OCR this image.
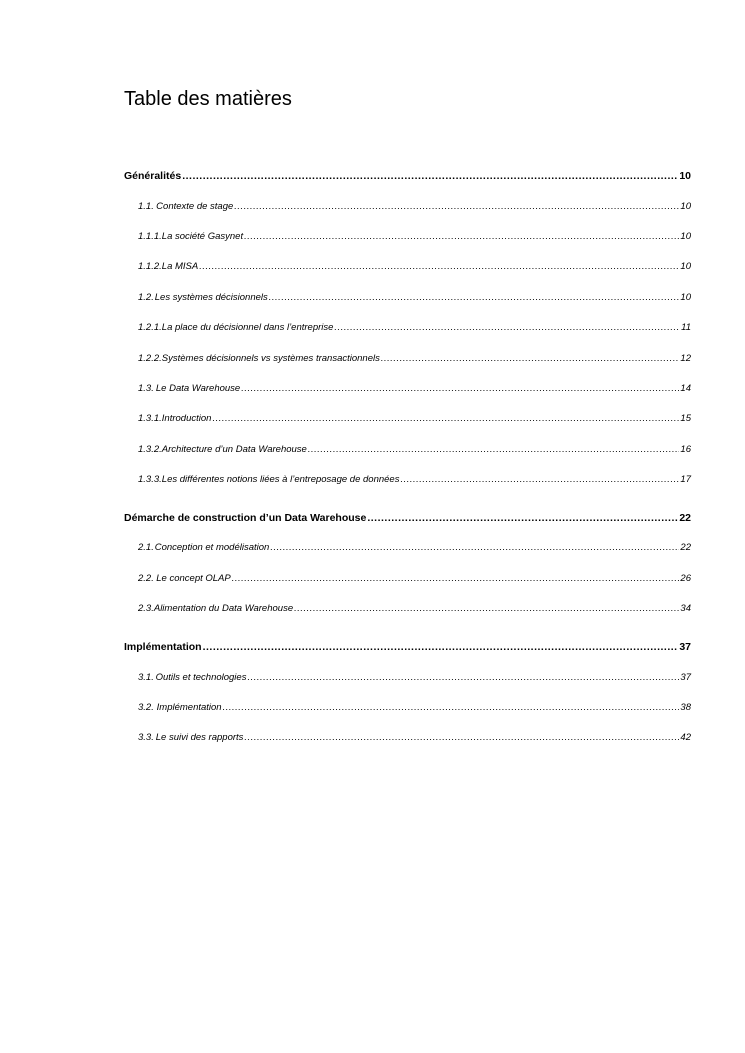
Table des matières
Généralités .....	10
1.1. Contexte de stage .....	10
1.1.1. La société Gasynet .....	10
1.1.2. La MISA .....	10
1.2. Les systèmes décisionnels .....	10
1.2.1. La place du décisionnel dans l’entreprise .....	11
1.2.2. Systèmes décisionnels vs systèmes transactionnels .....	12
1.3. Le Data Warehouse .....	14
1.3.1. Introduction .....	15
1.3.2. Architecture d’un Data Warehouse .....	16
1.3.3. Les différentes notions liées à l’entreposage de données .....	17
Démarche de construction d’un Data Warehouse .....	22
2.1. Conception et modélisation .....	22
2.2. Le concept OLAP .....	26
2.3. Alimentation du Data Warehouse .....	34
Implémentation .....	37
3.1. Outils et technologies .....	37
3.2. Implémentation .....	38
3.3. Le suivi des rapports .....	42
